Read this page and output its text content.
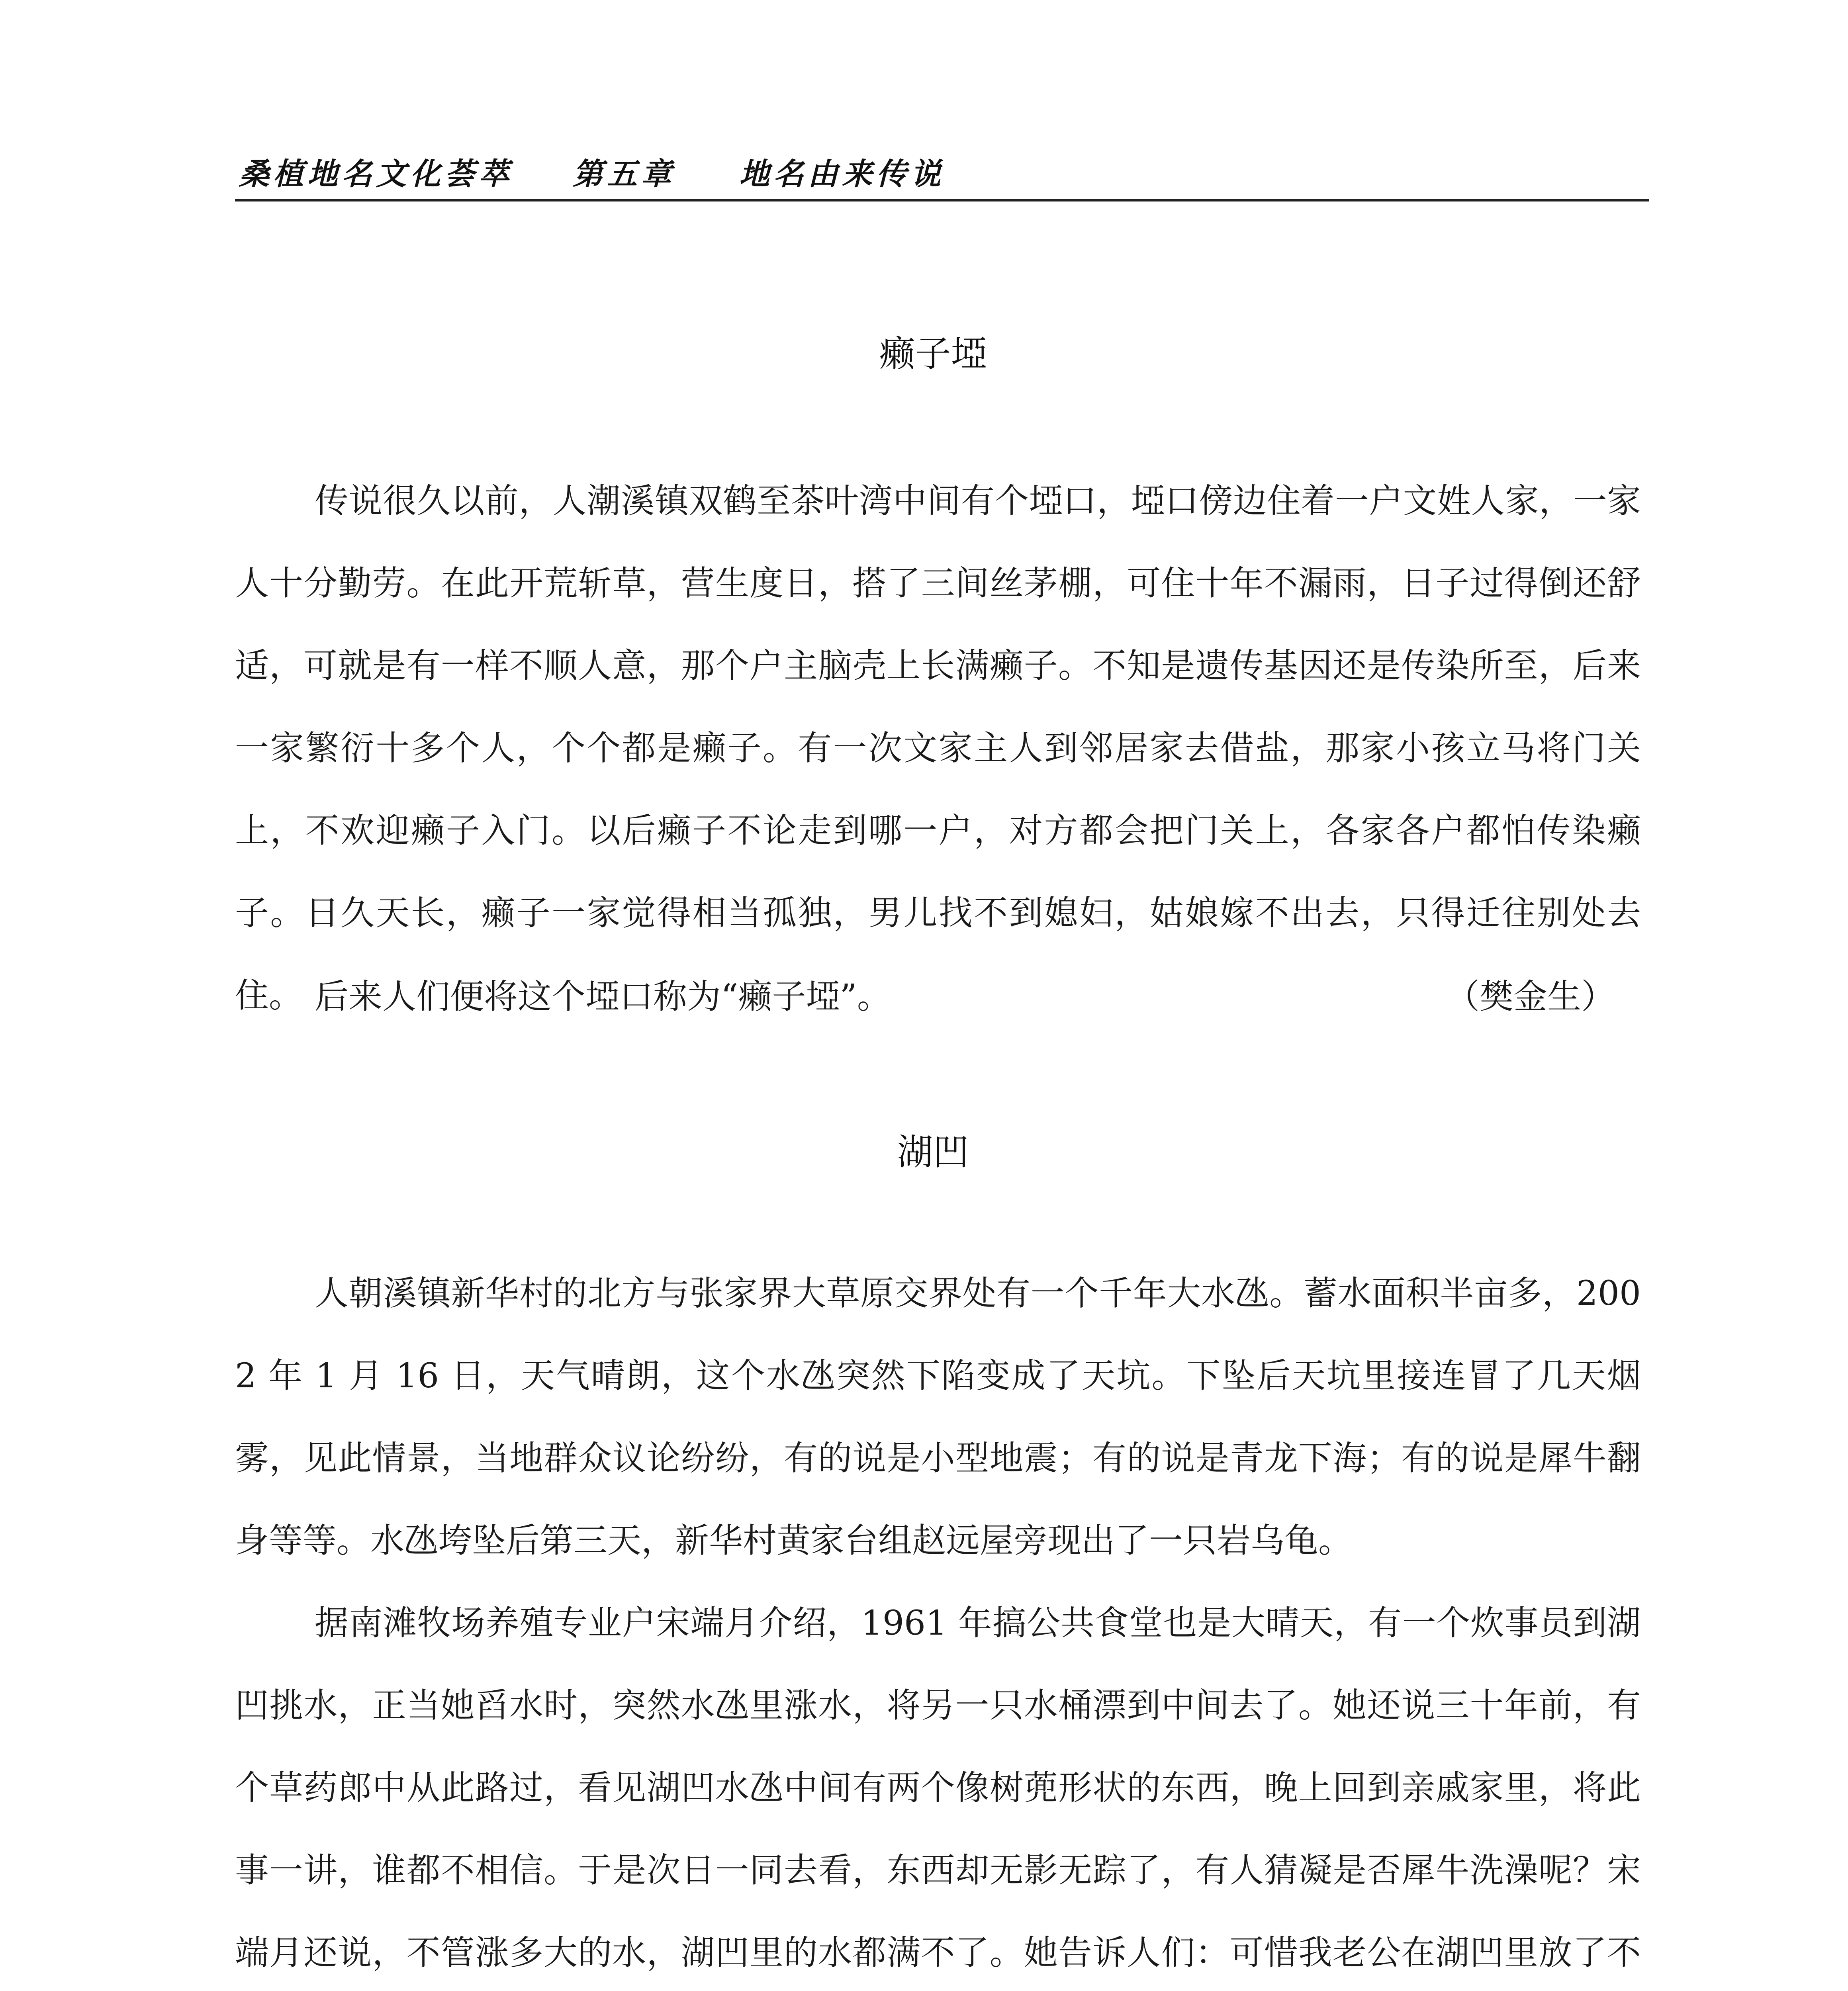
桑植地名文化荟萃 第五章 地名由来传说
癞子埡

传说很久以前，人潮溪镇双鹤至茶叶湾中间有个埡口，埡口傍边住着一户文姓人家，一家人十分勤劳。在此开荒斩草，营生度日，搭了三间丝茅棚，可住十年不漏雨，日子过得倒还舒适，可就是有一样不顺人意，那个户主脑壳上长满癞子。不知是遗传基因还是传染所至，后来一家繁衍十多个人，个个都是癞子。有一次文家主人到邻居家去借盐，那家小孩立马将门关上，不欢迎癞子入门。以后癞子不论走到哪一户，对方都会把门关上，各家各户都怕传染癞子。日久天长，癞子一家觉得相当孤独，男儿找不到媳妇，姑娘嫁不出去，只得迁往别处去住。 后来人们便将这个埡口称为“癞子埡”。	（樊金生）
湖凹

人朝溪镇新华村的北方与张家界大草原交界处有一个千年大水氹。蓄水面积半亩多，2002 年 1 月 16 日，天气晴朗，这个水氹突然下陷变成了天坑。下坠后天坑里接连冒了几天烟雾，见此情景，当地群众议论纷纷，有的说是小型地震；有的说是青龙下海；有的说是犀牛翻身等等。水氹垮坠后第三天，新华村黄家台组赵远屋旁现出了一只岩乌龟。

据南滩牧场养殖专业户宋端月介绍，1961 年搞公共食堂也是大晴天，有一个炊事员到湖凹挑水，正当她舀水时，突然水氹里涨水，将另一只水桶漂到中间去了。她还说三十年前，有个草药郎中从此路过，看见湖凹水氹中间有两个像树蔸形状的东西，晚上回到亲戚家里，将此事一讲，谁都不相信。于是次日一同去看，东西却无影无踪了，有人猜凝是否犀牛洗澡呢？宋端月还说，不管涨多大的水，湖凹里的水都满不了。她告诉人们：可惜我老公在湖凹里放了不
